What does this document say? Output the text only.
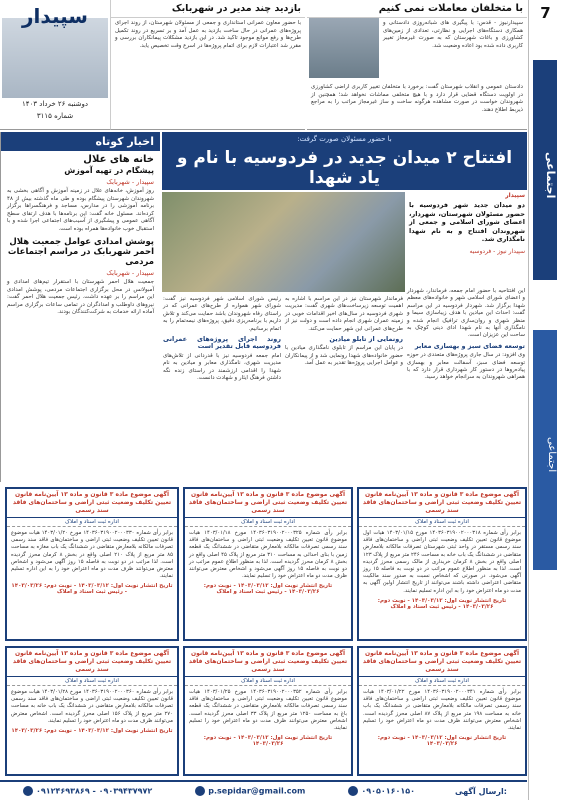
7
اجتماعی
اجتماعی
با متخلفان معاملات نمی کنیم
سپیدارنیوز - قدس: با پیگیری های شبانه‌روزی دادستانی و همکاری دستگاه‌های اجرایی و نظارتی، تعدادی از زمین‌های کشاورزی و باغات شهرستان که به صورت غیرمجاز تغییر کاربری داده شده بود اعاده وضعیت شد.
دادستان عمومی و انقلاب شهرستان گفت: برخورد با متخلفان تغییر کاربری اراضی کشاورزی در اولویت دستگاه قضایی قرار دارد و با هیچ متخلفی مماشات نخواهد شد؛ همچنین از شهروندان خواست در صورت مشاهده هرگونه ساخت و ساز غیرمجاز مراتب را به مراجع ذیربط اطلاع دهند.
بازدید چند مدیر در شهربابک
با حضور معاون عمرانی استانداری و جمعی از مسئولان شهرستان، از روند اجرای پروژه‌های عمرانی در حال ساخت بازدید به عمل آمد و بر تسریع در روند تکمیل طرح‌ها و رفع موانع موجود تاکید شد. در این بازدید مشکلات پیمانکاران بررسی و مقرر شد اعتبارات لازم برای اتمام پروژه‌ها در اسرع وقت تخصیص یابد.
سپیدار
دوشنبه ۲۶ خرداد ۱۴۰۳
شماره ۳۱۱۵
اخبار کوتاه
خانه های علال
پیشگام در تهیه آموزش
سپیدار - شهربابک
روز آموزش، خانه‌های علال در زمینه آموزش و آگاهی بخشی به شهروندان شهرستان پیشگام بوده و طی ماه گذشته بیش از ۴۸ برنامه آموزشی را در مدارس، مساجد و فرهنگسراها برگزار کرده‌اند. مسئول خانه گفت: این برنامه‌ها با هدف ارتقای سطح آگاهی عمومی و پیشگیری از آسیب‌های اجتماعی اجرا شده و با استقبال خوب خانواده‌ها همراه بوده است.
پوشش امدادی عوامل جمعیت هلال احمر شهربابک در مراسم اجتماعات مردمی
سپیدار - شهربابک
جمعیت هلال احمر شهرستان با استقرار تیم‌های امدادی و آمبولانس در محل برگزاری اجتماعات مردمی، پوشش امدادی این مراسم را بر عهده داشت. رئیس جمعیت هلال احمر گفت: نیروهای داوطلب و امدادگران در تمامی ساعات برگزاری مراسم آماده ارائه خدمات به شرکت‌کنندگان بودند.
با حضور مسئولان صورت گرفت:
افتتاح ۲ میدان جدید در فردوسیه با نام و یاد شهدا
سپیدار
دو میدان جدید شهر فردوسیه با حضور مسئولان شهرستان، شهردار، اعضای شورای اسلامی و جمعی از شهروندان افتتاح و به نام شهدا نامگذاری شد.
سپیدار نیوز - فردوسیه
این افتتاحیه با حضور امام جمعه، فرماندار، شهردار و اعضای شورای اسلامی شهر و خانواده‌های معظم شهدا برگزار شد. شهردار فردوسیه در این مراسم گفت: احداث این میادین با هدف زیباسازی سیما و منظر شهری و روان‌سازی ترافیک انجام شده و نامگذاری آنها به نام شهدا ادای دینی کوچک به ساحت این عزیزان است.
توسعه فضای سبز و بهسازی معابر
وی افزود: در سال جاری پروژه‌های متعددی در حوزه توسعه فضای سبز، آسفالت معابر و بهسازی پیاده‌روها در دستور کار شهرداری قرار دارد که با همراهی شهروندان به سرانجام خواهد رسید.
فرماندار شهرستان نیز در این مراسم با اشاره به اهمیت توسعه زیرساخت‌های شهری گفت: مدیریت شهری فردوسیه در سال‌های اخیر اقدامات خوبی در زمینه عمران شهری انجام داده است و دولت نیز از طرح‌های عمرانی این شهر حمایت می‌کند.
رونمایی از تابلو میادین
در پایان این مراسم از تابلوی نامگذاری میادین با حضور خانواده‌های شهدا رونمایی شد و از پیمانکاران و عوامل اجرایی پروژه‌ها تقدیر به عمل آمد.
رئیس شورای اسلامی شهر فردوسیه نیز گفت: شورای شهر همواره از طرح‌های عمرانی که در راستای رفاه شهروندان باشد حمایت می‌کند و تلاش داریم با برنامه‌ریزی دقیق، پروژه‌های نیمه‌تمام را به اتمام برسانیم.
روند اجرای پروژه‌های عمرانی فردوسیه قابل تقدیر است
امام جمعه فردوسیه نیز با قدردانی از تلاش‌های مدیریت شهری، نامگذاری معابر و میادین به نام شهدا را اقدامی ارزشمند در راستای زنده نگه داشتن فرهنگ ایثار و شهادت دانست.
آگهی موضوع ماده ۳ قانون و ماده ۱۳ آیین‌نامه قانون تعیین تکلیف وضعیت ثبتی اراضی و ساختمان‌های فاقد سند رسمی
اداره ثبت اسناد و املاک
برابر رأی شماره ۱۴۰۳۶۰۳۱۹۰۰۲۰۰۰۳۱۸ مورخ ۱۴۰۳/۰۱/۱۵ هیات اول موضوع قانون تعیین تکلیف وضعیت ثبتی اراضی و ساختمان‌های فاقد سند رسمی مستقر در واحد ثبتی شهرستان تصرفات مالکانه بلامعارض متقاضی در ششدانگ یک باب خانه به مساحت ۲۴۶ متر مربع از پلاک ۱۲۳ اصلی واقع در بخش ۸ کرمان خریداری از مالک رسمی محرز گردیده است. لذا به منظور اطلاع عموم مراتب در دو نوبت به فاصله ۱۵ روز آگهی می‌شود. در صورتی که اشخاص نسبت به صدور سند مالکیت متقاضی اعتراضی داشته باشند می‌توانند از تاریخ انتشار اولین آگهی به مدت دو ماه اعتراض خود را به این اداره تسلیم نمایند.
تاریخ انتشار نوبت اول: ۱۴۰۳/۰۳/۱۲ - نوبت دوم: ۱۴۰۳/۰۳/۲۶ - رئیس ثبت اسناد و املاک
آگهی موضوع ماده ۳ قانون و ماده ۱۳ آیین‌نامه قانون تعیین تکلیف وضعیت ثبتی اراضی و ساختمان‌های فاقد سند رسمی
اداره ثبت اسناد و املاک
برابر رأی شماره ۱۴۰۳۶۰۳۱۹۰۰۲۰۰۰۳۲۵ مورخ ۱۴۰۳/۰۱/۱۸ هیات موضوع قانون تعیین تکلیف وضعیت ثبتی اراضی و ساختمان‌های فاقد سند رسمی تصرفات مالکانه بلامعارض متقاضی در ششدانگ یک قطعه زمین با بنای احداثی به مساحت ۳۱۰ متر مربع از پلاک ۴۵ اصلی واقع در بخش ۸ کرمان محرز گردیده است. لذا به منظور اطلاع عموم مراتب در دو نوبت به فاصله ۱۵ روز آگهی می‌شود و اشخاص معترض می‌توانند ظرف مدت دو ماه اعتراض خود را تسلیم نمایند.
تاریخ انتشار نوبت اول: ۱۴۰۳/۰۳/۱۲ - نوبت دوم: ۱۴۰۳/۰۳/۲۶ - رئیس ثبت اسناد و املاک
آگهی موضوع ماده ۳ قانون و ماده ۱۳ آیین‌نامه قانون تعیین تکلیف وضعیت ثبتی اراضی و ساختمان‌های فاقد سند رسمی
اداره ثبت اسناد و املاک
برابر رأی شماره ۱۴۰۳۶۰۳۱۹۰۰۲۰۰۰۳۳۰ مورخ ۱۴۰۳/۰۱/۲۰ هیات موضوع قانون تعیین تکلیف وضعیت ثبتی اراضی و ساختمان‌های فاقد سند رسمی تصرفات مالکانه بلامعارض متقاضی در ششدانگ یک باب مغازه به مساحت ۸۵ متر مربع از پلاک ۲۱۰ اصلی واقع در بخش ۸ کرمان محرز گردیده است. لذا مراتب در دو نوبت به فاصله ۱۵ روز آگهی می‌شود و اشخاص معترض می‌توانند ظرف مدت دو ماه اعتراض خود را به این اداره تسلیم نمایند.
تاریخ انتشار نوبت اول: ۱۴۰۳/۰۳/۱۲ - نوبت دوم: ۱۴۰۳/۰۳/۲۶ - رئیس ثبت اسناد و املاک
آگهی موضوع ماده ۳ قانون و ماده ۱۳ آیین‌نامه قانون تعیین تکلیف وضعیت ثبتی اراضی و ساختمان‌های فاقد سند رسمی
اداره ثبت اسناد و املاک
برابر رأی شماره ۱۴۰۳۶۰۳۱۹۰۰۲۰۰۰۳۴۱ مورخ ۱۴۰۳/۰۱/۲۲ هیات موضوع قانون تعیین تکلیف وضعیت ثبتی اراضی و ساختمان‌های فاقد سند رسمی تصرفات مالکانه بلامعارض متقاضی در ششدانگ یک باب خانه به مساحت ۱۹۸ متر مربع از پلاک ۸۷ اصلی محرز گردیده است. اشخاص معترض می‌توانند ظرف مدت دو ماه اعتراض خود را تسلیم نمایند.
تاریخ انتشار نوبت اول: ۱۴۰۳/۰۳/۱۲ - نوبت دوم: ۱۴۰۳/۰۳/۲۶
آگهی موضوع ماده ۳ قانون و ماده ۱۳ آیین‌نامه قانون تعیین تکلیف وضعیت ثبتی اراضی و ساختمان‌های فاقد سند رسمی
اداره ثبت اسناد و املاک
برابر رأی شماره ۱۴۰۳۶۰۳۱۹۰۰۲۰۰۰۳۵۲ مورخ ۱۴۰۳/۰۱/۲۵ هیات موضوع قانون تعیین تکلیف وضعیت ثبتی اراضی و ساختمان‌های فاقد سند رسمی تصرفات مالکانه بلامعارض متقاضی در ششدانگ یک قطعه باغ به مساحت ۱۲۵۰ متر مربع از پلاک ۳۳ اصلی محرز گردیده است. اشخاص معترض می‌توانند ظرف مدت دو ماه اعتراض خود را تسلیم نمایند.
تاریخ انتشار نوبت اول: ۱۴۰۳/۰۳/۱۲ - نوبت دوم: ۱۴۰۳/۰۳/۲۶
آگهی موضوع ماده ۳ قانون و ماده ۱۳ آیین‌نامه قانون تعیین تکلیف وضعیت ثبتی اراضی و ساختمان‌های فاقد سند رسمی
اداره ثبت اسناد و املاک
برابر رأی شماره ۱۴۰۳۶۰۳۱۹۰۰۲۰۰۰۳۶۰ مورخ ۱۴۰۳/۰۱/۲۸ هیات موضوع قانون تعیین تکلیف وضعیت ثبتی اراضی و ساختمان‌های فاقد سند رسمی تصرفات مالکانه بلامعارض متقاضی در ششدانگ یک باب خانه به مساحت ۲۷۰ متر مربع از پلاک ۱۵۶ اصلی محرز گردیده است. اشخاص معترض می‌توانند ظرف مدت دو ماه اعتراض خود را تسلیم نمایند.
تاریخ انتشار نوبت اول: ۱۴۰۳/۰۳/۱۲ - نوبت دوم: ۱۴۰۳/۰۳/۲۶
۰۹۱۲۴۶۹۳۸۶۹ - ۰۹۰۳۹۴۳۷۹۷۲	p.sepidar@gmail.com	۰۹۰۵۰۱۶۰۱۵۰	ارسال آگهی:
